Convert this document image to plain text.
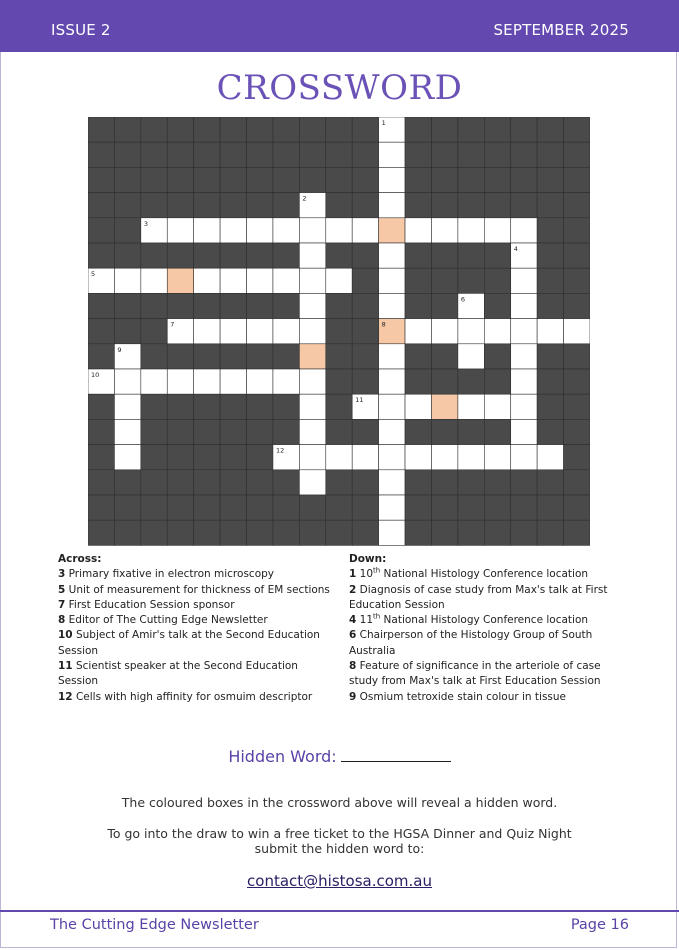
ISSUE 2	SEPTEMBER 2025
CROSSWORD
1
2
3
4
5
6
7	8
9
10
11
12
Across:
3 Primary fixative in electron microscopy
5 Unit of measurement for thickness of EM sections
7 First Education Session sponsor
8 Editor of The Cutting Edge Newsletter
10 Subject of Amir's talk at the Second Education Session
11 Scientist speaker at the Second Education Session
12 Cells with high affinity for osmuim descriptor
Down:
1 10th National Histology Conference location
2 Diagnosis of case study from Max's talk at First Education Session
4 11th National Histology Conference location
6 Chairperson of the Histology Group of South Australia
8 Feature of significance in the arteriole of case study from Max's talk at First Education Session
9 Osmium tetroxide stain colour in tissue
Hidden Word:
The coloured boxes in the crossword above will reveal a hidden word.
To go into the draw to win a free ticket to the HGSA Dinner and Quiz Night
submit the hidden word to:
contact@histosa.com.au
The Cutting Edge Newsletter	Page 16
